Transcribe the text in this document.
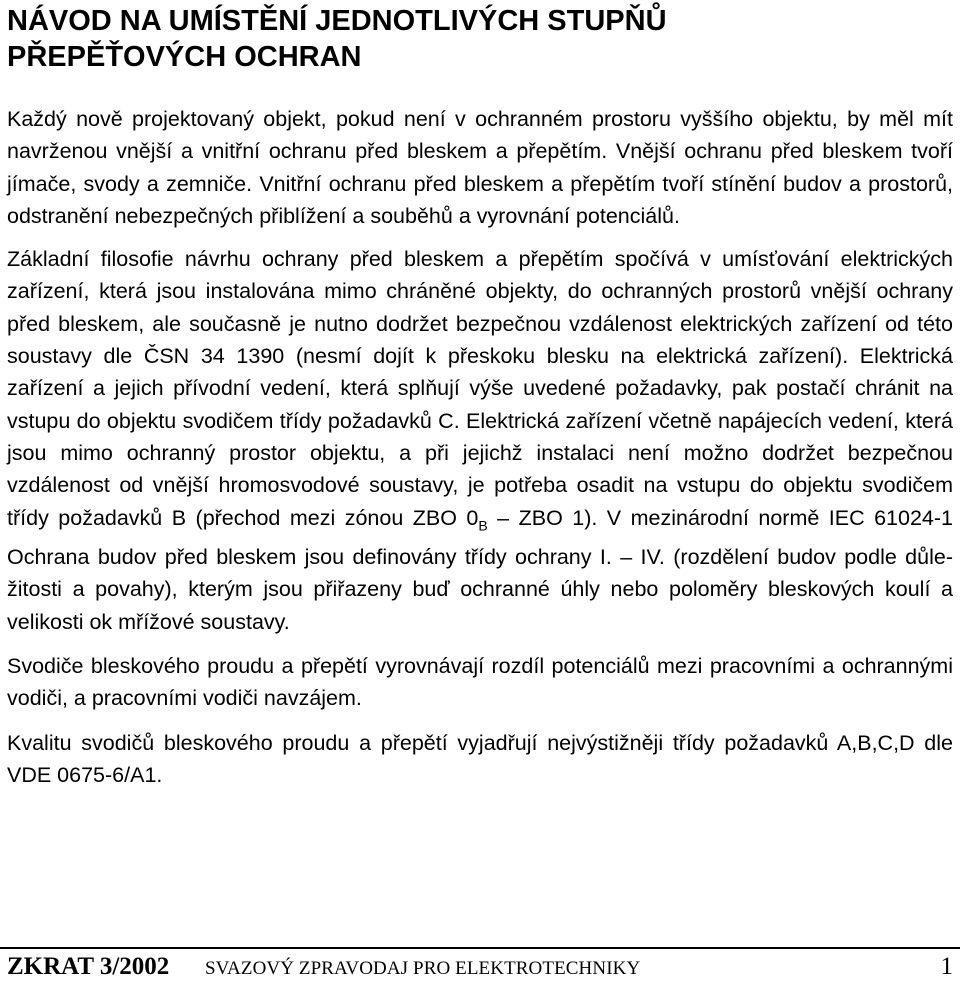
NÁVOD NA UMÍSTĚNÍ JEDNOTLIVÝCH STUPŇŮ
PŘEPĚŤOVÝCH OCHRAN

Každý nově projektovaný objekt, pokud není v ochranném prostoru vyššího objektu, by měl mít navrženou vnější a vnitřní ochranu před bleskem a přepětím. Vnější ochranu před bleskem tvoří jímače, svody a zemniče. Vnitřní ochranu před bleskem a přepětím tvoří stínění budov a prostorů, odstranění nebezpečných přiblížení a souběhů a vyrovnání potenciálů.

Základní filosofie návrhu ochrany před bleskem a přepětím spočívá v umísťování elektrických zařízení, která jsou instalována mimo chráněné objekty, do ochranných prostorů vnější ochrany před bleskem, ale současně je nutno dodržet bezpečnou vzdálenost elektrických zařízení od této soustavy dle ČSN 34 1390 (nesmí dojít k přeskoku blesku na elektrická zařízení). Elektrická zařízení a jejich přívodní vedení, která splňují výše uvedené požadavky, pak postačí chránit na vstupu do objektu svodičem třídy požadavků C. Elektrická zařízení včetně napájecích vedení, která jsou mimo ochranný prostor objektu, a při jejichž instalaci není možno dodržet bezpečnou vzdálenost od vnější hromosvodové soustavy, je potřeba osadit na vstupu do objektu svodičem třídy požadavků B (přechod mezi zónou ZBO $0_B$ – ZBO 1). V mezinárodní normě IEC 61024-1 Ochrana budov před bleskem jsou definovány třídy ochrany I. – IV. (rozdělení budov podle důležitosti a povahy), kterým jsou přiřazeny buď ochranné úhly nebo poloměry bleskových koulí a velikosti ok mřížové soustavy.

Svodiče bleskového proudu a přepětí vyrovnávají rozdíl potenciálů mezi pracovními a ochrannými vodiči, a pracovními vodiči navzájem.

Kvalitu svodičů bleskového proudu a přepětí vyjadřují nejvýstižněji třídy požadavků A,B,C,D dle VDE 0675-6/A1.

ZKRAT 3/2002 SVAZOVÝ ZPRAVODAJ PRO ELEKTROTECHNIKY	1
